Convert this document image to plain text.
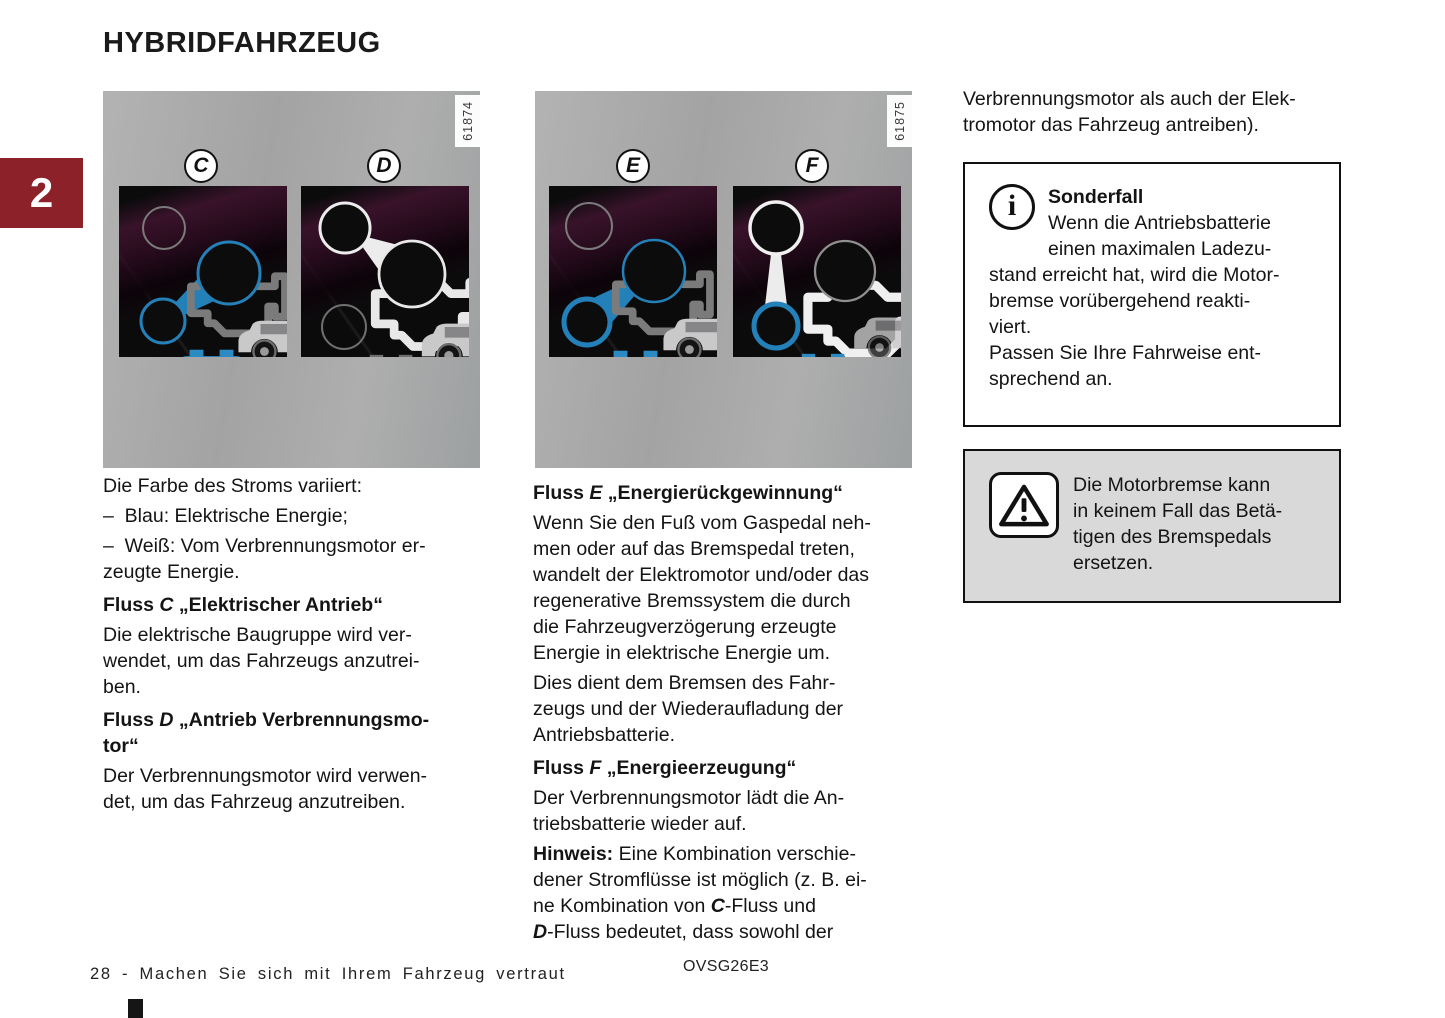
2
HYBRIDFAHRZEUG
61874
C	D
61875
E	F
Verbrennungsmotor als auch der Elek-
tromotor das Fahrzeug antreiben).
Die Farbe des Stroms variiert:
–  Blau: Elektrische Energie;
–  Weiß: Vom Verbrennungsmotor er-
zeugte Energie.
Fluss C „Elektrischer Antrieb“
Die elektrische Baugruppe wird ver-
wendet, um das Fahrzeugs anzutrei-
ben.
Fluss D „Antrieb Verbrennungsmo-
tor“
Der Verbrennungsmotor wird verwen-
det, um das Fahrzeug anzutreiben.
Fluss E „Energierückgewinnung“
Wenn Sie den Fuß vom Gaspedal neh-
men oder auf das Bremspedal treten,
wandelt der Elektromotor und/oder das
regenerative Bremssystem die durch
die Fahrzeugverzögerung erzeugte
Energie in elektrische Energie um.
Dies dient dem Bremsen des Fahr-
zeugs und der Wiederaufladung der
Antriebsbatterie.
Fluss F „Energieerzeugung“
Der Verbrennungsmotor lädt die An-
triebsbatterie wieder auf.
Hinweis: Eine Kombination verschie-
dener Stromflüsse ist möglich (z. B. ei-
ne Kombination von C-Fluss und
D-Fluss bedeutet, dass sowohl der
i	Sonderfall
Wenn die Antriebsbatterie
einen maximalen Ladezu-
stand erreicht hat, wird die Motor-
bremse vorübergehend reakti-
viert.
Passen Sie Ihre Fahrweise ent-
sprechend an.
Die Motorbremse kann
in keinem Fall das Betä-
tigen des Bremspedals
ersetzen.
28 - Machen Sie sich mit Ihrem Fahrzeug vertraut	OVSG26E3
